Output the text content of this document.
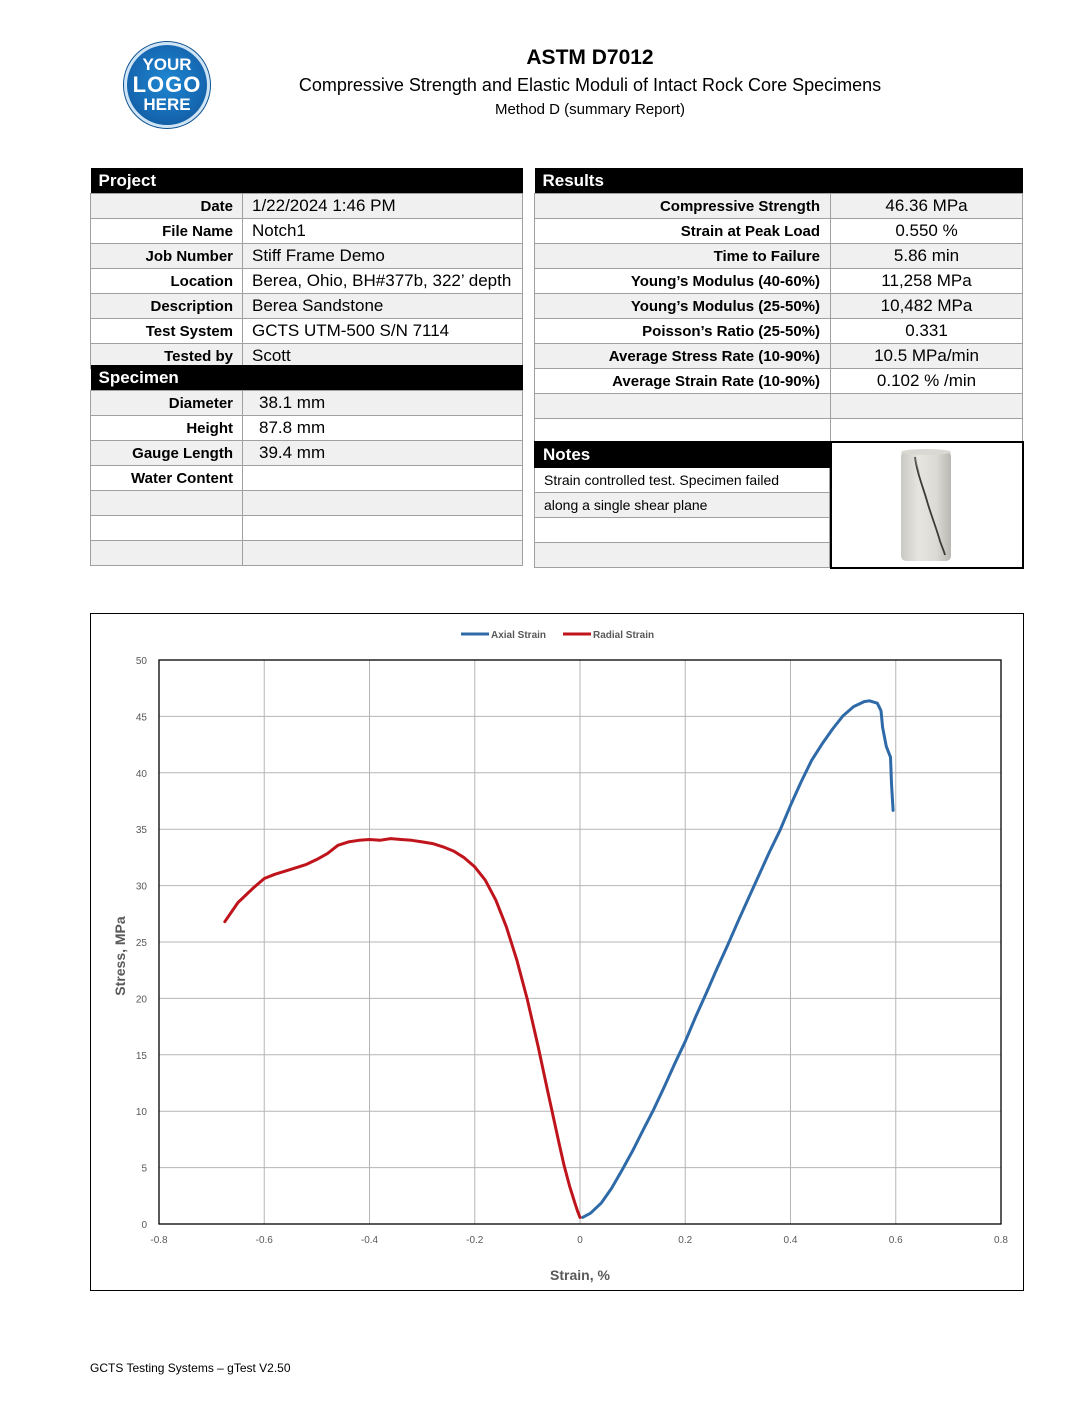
YOUR
LOGO
HERE
ASTM D7012
Compressive Strength and Elastic Moduli of Intact Rock Core Specimens
Method D (summary Report)
Project	
Date	1/22/2024 1:46 PM
File Name	Notch1
Job Number	Stiff Frame Demo
Location	Berea, Ohio, BH#377b, 322’ depth
Description	Berea Sandstone
Test System	GCTS UTM-500 S/N 7114
Tested by	Scott
Specimen	
Diameter	38.1 mm
Height	87.8 mm
Gauge Length	39.4 mm
Water Content	

Results	
Compressive Strength	46.36 MPa
Strain at Peak Load	0.550 %
Time to Failure	5.86 min
Young’s Modulus (40-60%)	11,258 MPa
Young’s Modulus (25-50%)	10,482 MPa
Poisson’s Ratio (25-50%)	0.331
Average Stress Rate (10-90%)	10.5 MPa/min
Average Strain Rate (10-90%)	0.102 % /min

Notes
Strain controlled test. Specimen failed
along a single shear plane
-0.8	-0.6	-0.4	-0.2	0	0.2	0.4	0.6	0.8
0
5
10
15
20
25
30
35
40
45
50
Strain, %
Stress, MPa
Axial Strain	Radial Strain
GCTS Testing Systems – gTest V2.50
